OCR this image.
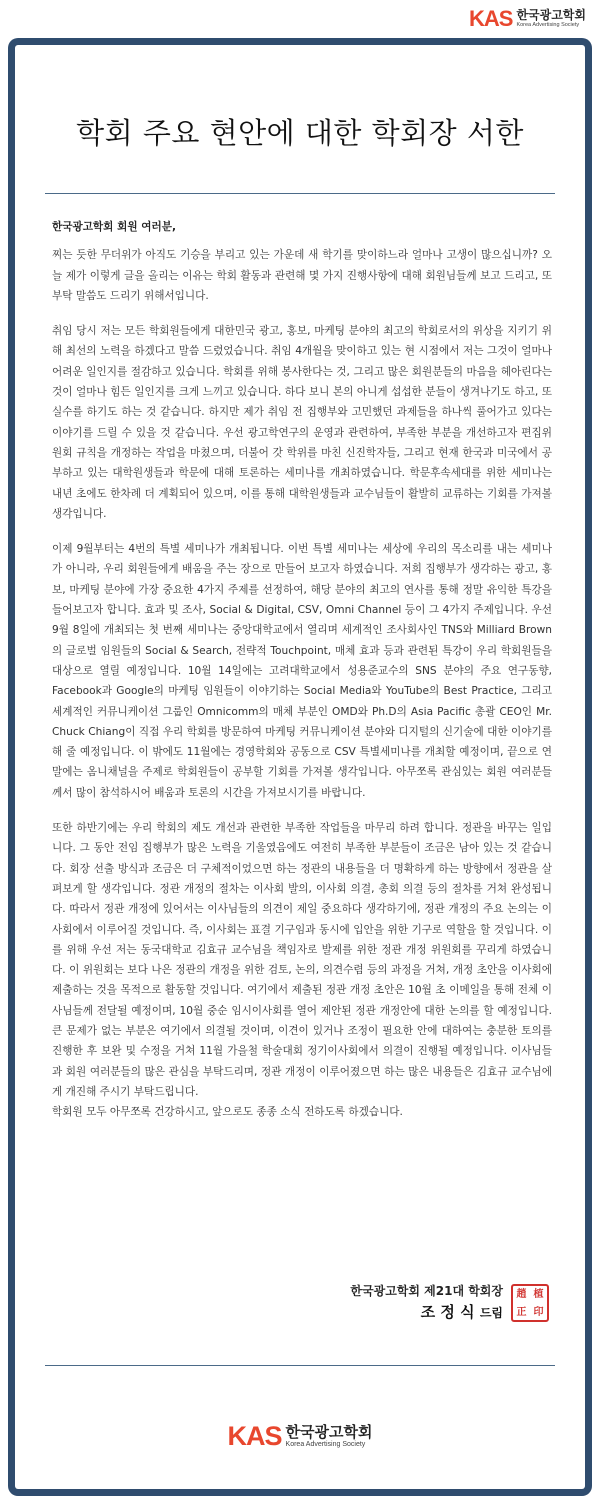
KAS 한국광고학회
Korea Advertising Society
학회 주요 현안에 대한 학회장 서한

한국광고학회 회원 여러분,

찌는 듯한 무더위가 아직도 기승을 부리고 있는 가운데 새 학기를 맞이하느라 얼마나 고생이 많으십니까? 오늘 제가 이렇게 글을 올리는 이유는 학회 활동과 관련해 몇 가지 진행사항에 대해 회원님들께 보고 드리고, 또 부탁 말씀도 드리기 위해서입니다.

취임 당시 저는 모든 학회원들에게 대한민국 광고, 홍보, 마케팅 분야의 최고의 학회로서의 위상을 지키기 위해 최선의 노력을 하겠다고 말씀 드렸었습니다. 취임 4개월을 맞이하고 있는 현 시점에서 저는 그것이 얼마나 어려운 일인지를 절감하고 있습니다. 학회를 위해 봉사한다는 것, 그리고 많은 회원분들의 마음을 헤아린다는 것이 얼마나 힘든 일인지를 크게 느끼고 있습니다. 하다 보니 본의 아니게 섭섭한 분들이 생겨나기도 하고, 또 실수를 하기도 하는 것 같습니다. 하지만 제가 취임 전 집행부와 고민했던 과제들을 하나씩 풀어가고 있다는 이야기를 드릴 수 있을 것 같습니다. 우선 광고학연구의 운영과 관련하여, 부족한 부분을 개선하고자 편집위원회 규칙을 개정하는 작업을 마쳤으며, 더불어 갓 학위를 마친 신진학자들, 그리고 현재 한국과 미국에서 공부하고 있는 대학원생들과 학문에 대해 토론하는 세미나를 개최하였습니다. 학문후속세대를 위한 세미나는 내년 초에도 한차례 더 계획되어 있으며, 이를 통해 대학원생들과 교수님들이 활발히 교류하는 기회를 가져볼 생각입니다.

이제 9월부터는 4번의 특별 세미나가 개최됩니다. 이번 특별 세미나는 세상에 우리의 목소리를 내는 세미나가 아니라, 우리 회원들에게 배움을 주는 장으로 만들어 보고자 하였습니다. 저희 집행부가 생각하는 광고, 홍보, 마케팅 분야에 가장 중요한 4가지 주제를 선정하여, 해당 분야의 최고의 연사를 통해 정말 유익한 특강을 들어보고자 합니다. 효과 및 조사, Social & Digital, CSV, Omni Channel 등이 그 4가지 주제입니다. 우선 9월 8일에 개최되는 첫 번째 세미나는 중앙대학교에서 열리며 세계적인 조사회사인 TNS와 Milliard Brown의 글로벌 임원들의 Social & Search, 전략적 Touchpoint, 매체 효과 등과 관련된 특강이 우리 학회원들을 대상으로 열릴 예정입니다. 10월 14일에는 고려대학교에서 성용준교수의 SNS 분야의 주요 연구동향, Facebook과 Google의 마케팅 임원들이 이야기하는 Social Media와 YouTube의 Best Practice, 그리고 세계적인 커뮤니케이션 그룹인 Omnicomm의 매체 부분인 OMD와 Ph.D의 Asia Pacific 총괄 CEO인 Mr. Chuck Chiang이 직접 우리 학회를 방문하여 마케팅 커뮤니케이션 분야와 디지털의 신기술에 대한 이야기를 해 줄 예정입니다. 이 밖에도 11월에는 경영학회와 공동으로 CSV 특별세미나를 개최할 예정이며, 끝으로 연말에는 옴니채널을 주제로 학회원들이 공부할 기회를 가져볼 생각입니다. 아무쪼록 관심있는 회원 여러분들께서 많이 참석하시어 배움과 토론의 시간을 가져보시기를 바랍니다.

또한 하반기에는 우리 학회의 제도 개선과 관련한 부족한 작업들을 마무리 하려 합니다. 정관을 바꾸는 일입니다. 그 동안 전임 집행부가 많은 노력을 기울였음에도 여전히 부족한 부분들이 조금은 남아 있는 것 같습니다. 회장 선출 방식과 조금은 더 구체적이었으면 하는 정관의 내용들을 더 명확하게 하는 방향에서 정관을 살펴보게 할 생각입니다. 정관 개정의 절차는 이사회 발의, 이사회 의결, 총회 의결 등의 절차를 거쳐 완성됩니다. 따라서 정관 개정에 있어서는 이사님들의 의견이 제일 중요하다 생각하기에, 정관 개정의 주요 논의는 이사회에서 이루어질 것입니다. 즉, 이사회는 표결 기구임과 동시에 입안을 위한 기구로 역할을 할 것입니다. 이를 위해 우선 저는 동국대학교 김효규 교수님을 책임자로 발제를 위한 정관 개정 위원회를 꾸리게 하였습니다. 이 위원회는 보다 나은 정관의 개정을 위한 검토, 논의, 의견수렴 등의 과정을 거쳐, 개정 초안을 이사회에 제출하는 것을 목적으로 활동할 것입니다. 여기에서 제출된 정관 개정 초안은 10월 초 이메일을 통해 전체 이사님들께 전달될 예정이며, 10월 중순 임시이사회를 열어 제안된 정관 개정안에 대한 논의를 할 예정입니다. 큰 문제가 없는 부분은 여기에서 의결될 것이며, 이견이 있거나 조정이 필요한 안에 대하여는 충분한 토의를 진행한 후 보완 및 수정을 거쳐 11월 가을철 학술대회 정기이사회에서 의결이 진행될 예정입니다. 이사님들과 회원 여러분들의 많은 관심을 부탁드리며, 정관 개정이 이루어졌으면 하는 많은 내용들은 김효규 교수님에게 개진해 주시기 부탁드립니다.

학회원 모두 아무쪼록 건강하시고, 앞으로도 종종 소식 전하도록 하겠습니다.

한국광고학회 제21대 학회장
조 정 식 드림
趙 植
正 印
KAS 한국광고학회
Korea Advertising Society
